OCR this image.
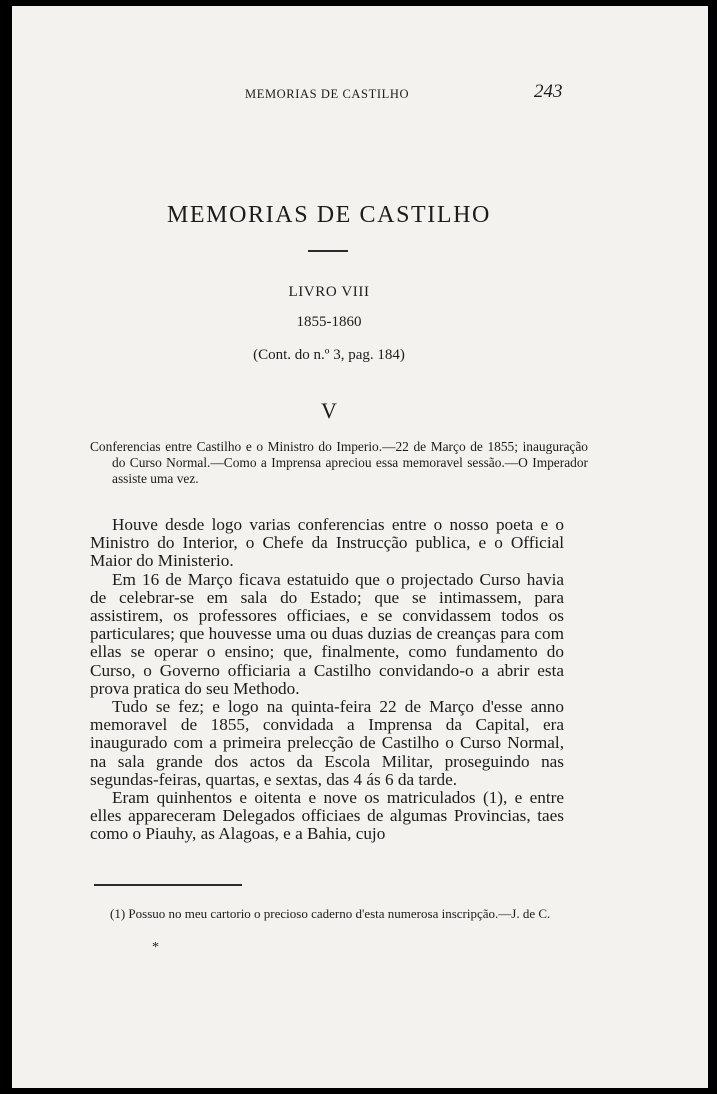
MEMORIAS DE CASTILHO	243
MEMORIAS DE CASTILHO
LIVRO VIII
1855-1860
(Cont. do n.º 3, pag. 184)
V
Conferencias entre Castilho e o Ministro do Imperio.—22 de Março de 1855; inauguração do Curso Normal.—Como a Imprensa apreciou essa memoravel sessão.—O Imperador assiste uma vez.

Houve desde logo varias conferencias entre o nosso poeta e o Ministro do Interior, o Chefe da Instrucção publica, e o Official Maior do Ministerio.

Em 16 de Março ficava estatuido que o projectado Curso havia de celebrar-se em sala do Estado; que se intimassem, para assistirem, os professores officiaes, e se convidassem todos os particulares; que houvesse uma ou duas duzias de creanças para com ellas se operar o ensino; que, finalmente, como fundamento do Curso, o Governo officiaria a Castilho convidando-o a abrir esta prova pratica do seu Methodo.

Tudo se fez; e logo na quinta-feira 22 de Março d'esse anno memoravel de 1855, convidada a Imprensa da Capital, era inaugurado com a primeira prelecção de Castilho o Curso Normal, na sala grande dos actos da Escola Militar, proseguindo nas segundas-feiras, quartas, e sextas, das 4 ás 6 da tarde.

Eram quinhentos e oitenta e nove os matriculados (1), e entre elles appareceram Delegados officiaes de algumas Provincias, taes como o Piauhy, as Alagoas, e a Bahia, cujo

(1) Possuo no meu cartorio o precioso caderno d'esta numerosa inscripção.—J. de C.
*
